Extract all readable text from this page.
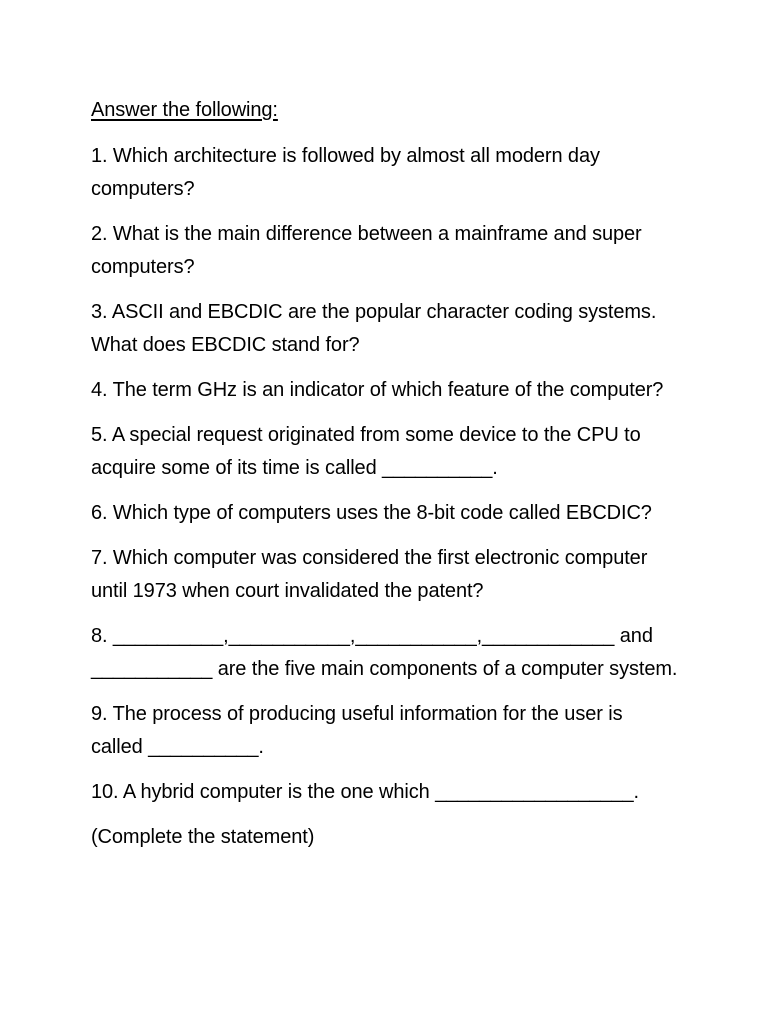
Answer the following:

1. Which architecture is followed by almost all modern day computers?

2. What is the main difference between a mainframe and super computers?

3. ASCII and EBCDIC are the popular character coding systems. What does EBCDIC stand for?

4. The term GHz is an indicator of which feature of the computer?

5. A special request originated from some device to the CPU to acquire some of its time is called __________.

6. Which type of computers uses the 8-bit code called EBCDIC?

7. Which computer was considered the first electronic computer until 1973 when court invalidated the patent?

8. __________,___________,___________,____________ and ___________ are the five main components of a computer system.

9. The process of producing useful information for the user is called __________.

10. A hybrid computer is the one which __________________.

(Complete the statement)
